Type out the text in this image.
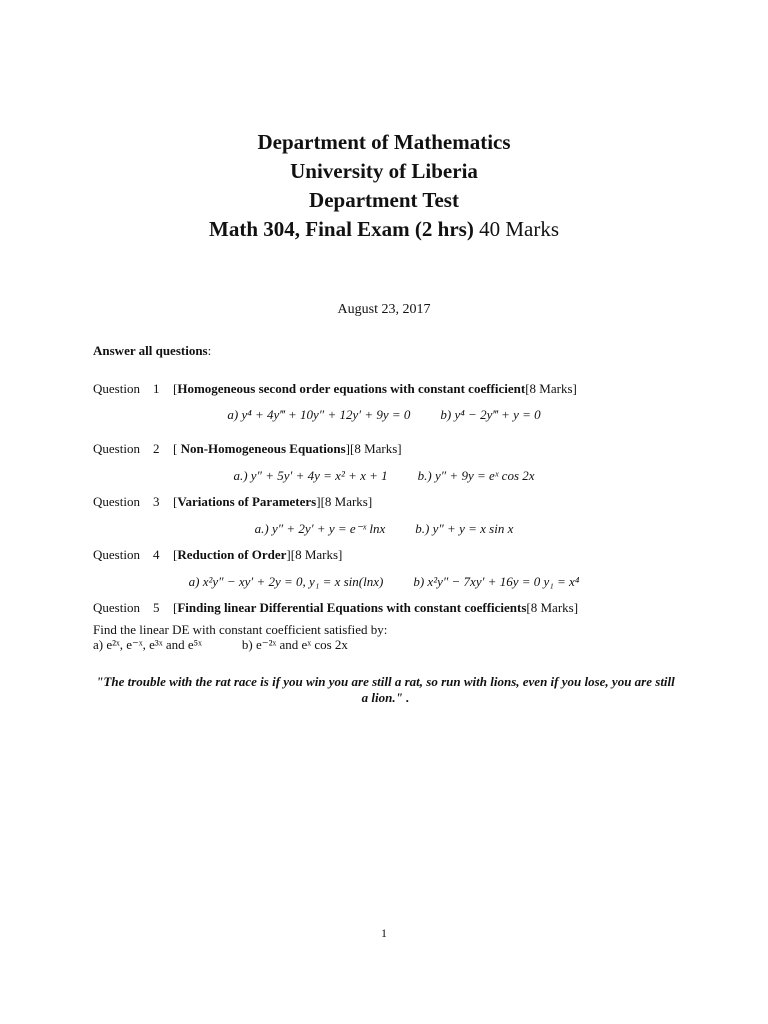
Department of Mathematics
University of Liberia
Department Test
Math 304, Final Exam (2 hrs) 40 Marks
August 23, 2017
Answer all questions:
Question 1 [Homogeneous second order equations with constant coefficient[8 Marks]
a) y⁴ + 4y‴ + 10y″ + 12y′ + 9y = 0 b) y⁴ − 2y‴ + y = 0
Question 2 [ Non-Homogeneous Equations][8 Marks]
a.) y″ + 5y′ + 4y = x² + x + 1 b.) y″ + 9y = eˣ cos 2x
Question 3 [Variations of Parameters][8 Marks]
a.) y″ + 2y′ + y = e⁻ˣ lnx b.) y″ + y = x sin x
Question 4 [Reduction of Order][8 Marks]
a) x²y″ − xy′ + 2y = 0, y₁ = x sin(lnx) b) x²y″ − 7xy′ + 16y = 0 y₁ = x⁴
Question 5 [Finding linear Differential Equations with constant coefficients[8 Marks]
Find the linear DE with constant coefficient satisfied by:
a) e²ˣ, e⁻ˣ, e³ˣ and e⁵ˣ	b) e⁻²ˣ and eˣ cos 2x
"The trouble with the rat race is if you win you are still a rat, so run with lions, even if you lose, you are still a lion." .
1
